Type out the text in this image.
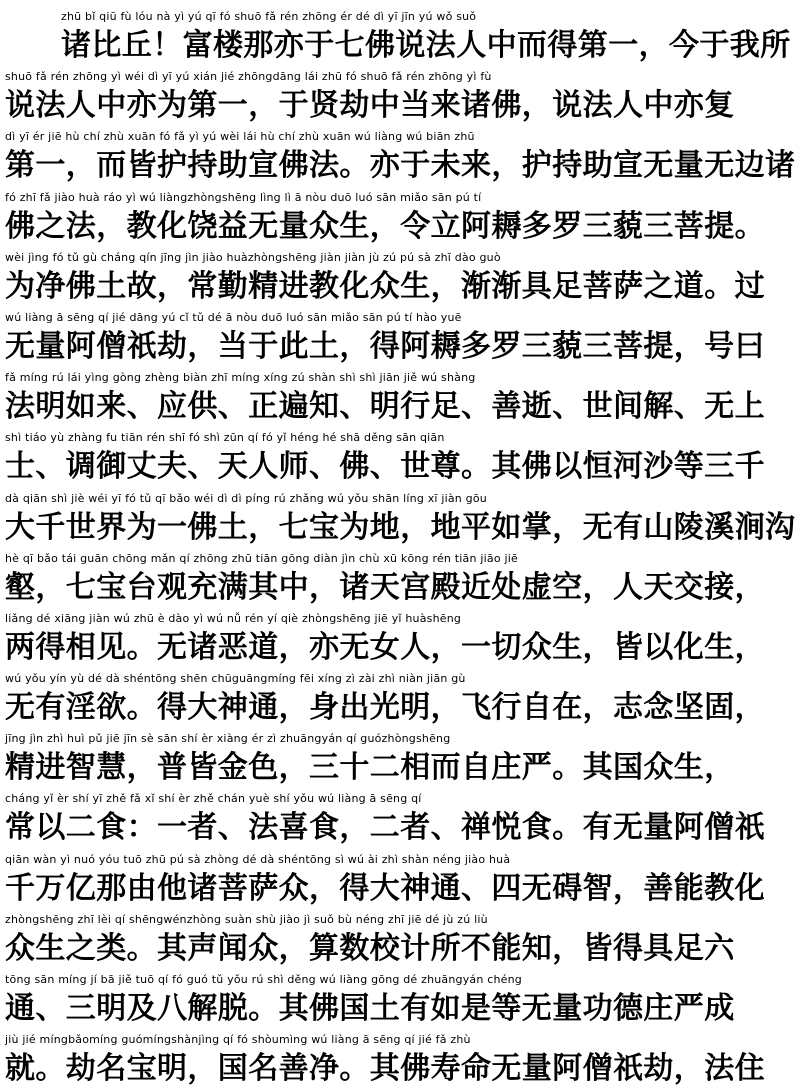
zhū bǐ qiū fù lóu nà yì yú qī fó shuō fǎ rén zhōng ér dé dì yī jīn yú wǒ suǒ
诸比丘！富楼那亦于七佛说法人中而得第一，今于我所
shuō fǎ rén zhōng yì wéi dì yī yú xián jié zhōngdāng lái zhū fó shuō fǎ rén zhōng yì fù
说法人中亦为第一，于贤劫中当来诸佛，说法人中亦复
dì yī ér jiē hù chí zhù xuān fó fǎ yì yú wèi lái hù chí zhù xuān wú liàng wú biān zhū
第一，而皆护持助宣佛法。亦于未来，护持助宣无量无边诸
fó zhī fǎ jiào huà ráo yì wú liàngzhòngshēng lìng lì ā nòu duō luó sān miǎo sān pú tí
佛之法，教化饶益无量众生，令立阿耨多罗三藐三菩提。
wèi jìng fó tǔ gù cháng qín jīng jìn jiào huàzhòngshēng jiàn jiàn jù zú pú sà zhī dào guò
为净佛土故，常勤精进教化众生，渐渐具足菩萨之道。过
wú liàng ā sēng qí jié dāng yú cǐ tǔ dé ā nòu duō luó sān miǎo sān pú tí hào yuē
无量阿僧祇劫，当于此土，得阿耨多罗三藐三菩提，号曰
fǎ míng rú lái yìng gòng zhèng biàn zhī míng xíng zú shàn shì shì jiān jiě wú shàng
法明如来、应供、正遍知、明行足、善逝、世间解、无上
shì tiáo yù zhàng fu tiān rén shī fó shì zūn qí fó yǐ héng hé shā děng sān qiān
士、调御丈夫、天人师、佛、世尊。其佛以恒河沙等三千
dà qiān shì jiè wéi yī fó tǔ qī bǎo wéi dì dì píng rú zhǎng wú yǒu shān líng xī jiàn gōu
大千世界为一佛土，七宝为地，地平如掌，无有山陵溪涧沟
hè qī bǎo tái guān chōng mǎn qí zhōng zhū tiān gōng diàn jìn chù xū kōng rén tiān jiāo jiē
壑，七宝台观充满其中，诸天宫殿近处虚空，人天交接，
liǎng dé xiāng jiàn wú zhū è dào yì wú nǚ rén yí qiè zhòngshēng jiē yǐ huàshēng
两得相见。无诸恶道，亦无女人，一切众生，皆以化生，
wú yǒu yín yù dé dà shéntōng shēn chūguāngmíng fēi xíng zì zài zhì niàn jiān gù
无有淫欲。得大神通，身出光明，飞行自在，志念坚固，
jīng jìn zhì huì pǔ jiē jīn sè sān shí èr xiàng ér zì zhuāngyán qí guózhòngshēng
精进智慧，普皆金色，三十二相而自庄严。其国众生，
cháng yǐ èr shí yī zhě fǎ xǐ shí èr zhě chán yuè shí yǒu wú liàng ā sēng qí
常以二食：一者、法喜食，二者、禅悦食。有无量阿僧祇
qiān wàn yì nuó yóu tuō zhū pú sà zhòng dé dà shéntōng sì wú ài zhì shàn néng jiào huà
千万亿那由他诸菩萨众，得大神通、四无碍智，善能教化
zhòngshēng zhī lèi qí shēngwénzhòng suàn shù jiào jì suǒ bù néng zhī jiē dé jù zú liù
众生之类。其声闻众，算数校计所不能知，皆得具足六
tōng sān míng jí bā jiě tuō qí fó guó tǔ yǒu rú shì děng wú liàng gōng dé zhuāngyán chéng
通、三明及八解脱。其佛国土有如是等无量功德庄严成
jiù jié míngbǎomíng guómíngshànjìng qí fó shòumìng wú liàng ā sēng qí jié fǎ zhù
就。劫名宝明，国名善净。其佛寿命无量阿僧祇劫，法住
